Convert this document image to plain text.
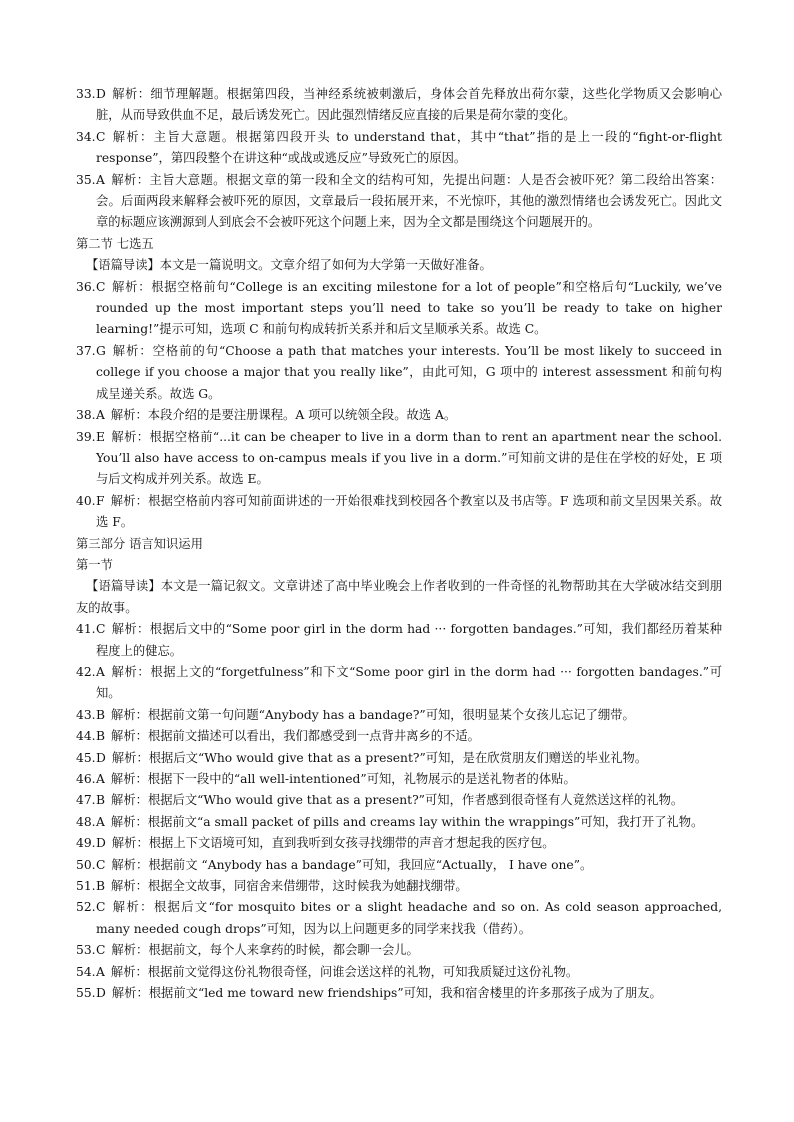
33.D 解析：细节理解题。根据第四段，当神经系统被刺激后，身体会首先释放出荷尔蒙，这些化学物质又会影响心脏，从而导致供血不足，最后诱发死亡。因此强烈情绪反应直接的后果是荷尔蒙的变化。
34.C 解析：主旨大意题。根据第四段开头 to understand that，其中“that”指的是上一段的“fight-or-flight response”，第四段整个在讲这种“或战或逃反应”导致死亡的原因。
35.A 解析：主旨大意题。根据文章的第一段和全文的结构可知，先提出问题：人是否会被吓死？第二段给出答案：会。后面两段来解释会被吓死的原因，文章最后一段拓展开来，不光惊吓，其他的激烈情绪也会诱发死亡。因此文章的标题应该溯源到人到底会不会被吓死这个问题上来，因为全文都是围绕这个问题展开的。
第二节 七选五
【语篇导读】本文是一篇说明文。文章介绍了如何为大学第一天做好准备。
36.C 解析：根据空格前句“College is an exciting milestone for a lot of people”和空格后句“Luckily, we’ve rounded up the most important steps you’ll need to take so you’ll be ready to take on higher learning!”提示可知，选项 C 和前句构成转折关系并和后文呈顺承关系。故选 C。
37.G 解析：空格前的句“Choose a path that matches your interests. You’ll be most likely to succeed in college if you choose a major that you really like”，由此可知，G 项中的 interest assessment 和前句构成呈递关系。故选 G。
38.A 解析：本段介绍的是要注册课程。A 项可以统领全段。故选 A。
39.E 解析：根据空格前“...it can be cheaper to live in a dorm than to rent an apartment near the school. You’ll also have access to on-campus meals if you live in a dorm.”可知前文讲的是住在学校的好处，E 项与后文构成并列关系。故选 E。
40.F 解析：根据空格前内容可知前面讲述的一开始很难找到校园各个教室以及书店等。F 选项和前文呈因果关系。故选 F。
第三部分 语言知识运用
第一节
【语篇导读】本文是一篇记叙文。文章讲述了高中毕业晚会上作者收到的一件奇怪的礼物帮助其在大学破冰结交到朋友的故事。
41.C 解析：根据后文中的“Some poor girl in the dorm had ··· forgotten bandages.”可知，我们都经历着某种程度上的健忘。
42.A 解析：根据上文的“forgetfulness”和下文“Some poor girl in the dorm had ··· forgotten bandages.”可知。
43.B 解析：根据前文第一句问题“Anybody has a bandage?”可知，很明显某个女孩儿忘记了绷带。
44.B 解析：根据前文描述可以看出，我们都感受到一点背井离乡的不适。
45.D 解析：根据后文“Who would give that as a present?”可知，是在欣赏朋友们赠送的毕业礼物。
46.A 解析：根据下一段中的“all well-intentioned”可知，礼物展示的是送礼物者的体贴。
47.B 解析：根据后文“Who would give that as a present?”可知，作者感到很奇怪有人竟然送这样的礼物。
48.A 解析：根据前文“a small packet of pills and creams lay within the wrappings”可知，我打开了礼物。
49.D 解析：根据上下文语境可知，直到我听到女孩寻找绷带的声音才想起我的医疗包。
50.C 解析：根据前文 “Anybody has a bandage”可知，我回应“Actually， I have one”。
51.B 解析：根据全文故事，同宿舍来借绷带，这时候我为她翻找绷带。
52.C 解析：根据后文“for mosquito bites or a slight headache and so on. As cold season approached, many needed cough drops”可知，因为以上问题更多的同学来找我（借药）。
53.C 解析：根据前文，每个人来拿药的时候，都会聊一会儿。
54.A 解析：根据前文觉得这份礼物很奇怪，问谁会送这样的礼物，可知我质疑过这份礼物。
55.D 解析：根据前文“led me toward new friendships”可知，我和宿舍楼里的许多那孩子成为了朋友。
